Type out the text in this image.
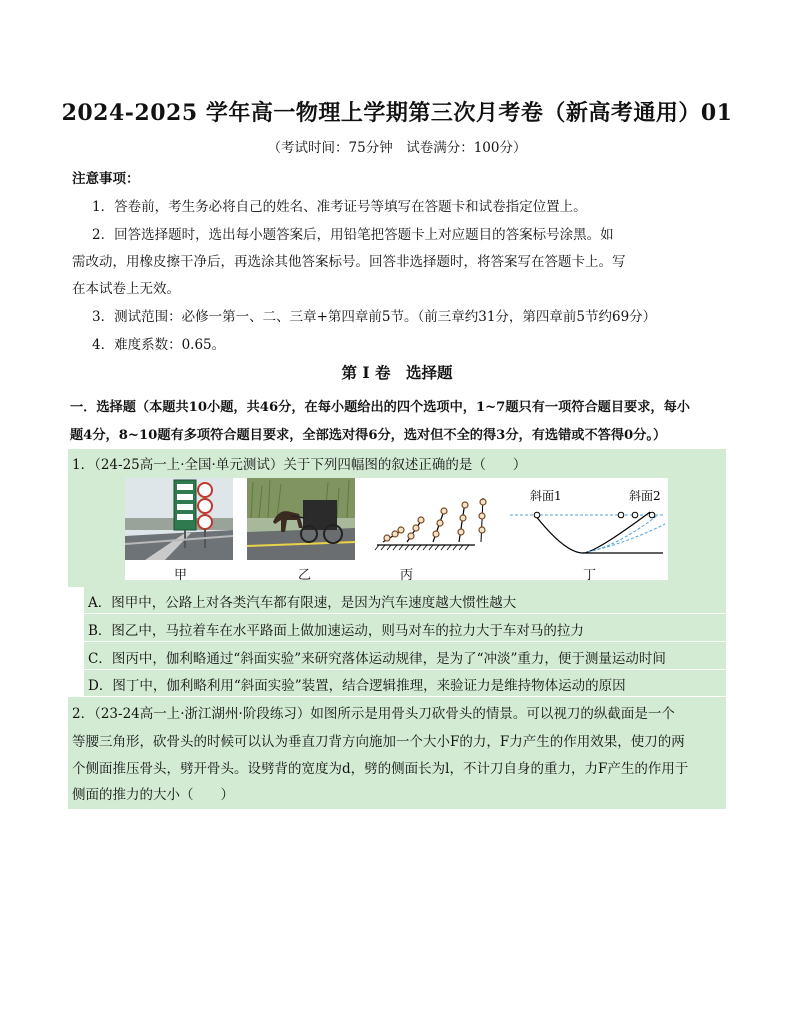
2024-2025 学年高一物理上学期第三次月考卷（新高考通用）01
（考试时间：75分钟　试卷满分：100分）
注意事项：
1．答卷前，考生务必将自己的姓名、准考证号等填写在答题卡和试卷指定位置上。
2．回答选择题时，选出每小题答案后，用铅笔把答题卡上对应题目的答案标号涂黑。如
需改动，用橡皮擦干净后，再选涂其他答案标号。回答非选择题时，将答案写在答题卡上。写
在本试卷上无效。
3．测试范围：必修一第一、二、三章+第四章前5节。（前三章约31分，第四章前5节约69分）
4．难度系数：0.65。
第 I 卷　选择题
一．选择题（本题共10小题，共46分，在每小题给出的四个选项中，1~7题只有一项符合题目要求，每小
题4分，8~10题有多项符合题目要求，全部选对得6分，选对但不全的得3分，有选错或不答得0分。）
1．（24-25高一上·全国·单元测试）关于下列四幅图的叙述正确的是（　　）
斜面1	斜面2
甲	乙	丙	丁
A．图甲中，公路上对各类汽车都有限速，是因为汽车速度越大惯性越大
B．图乙中，马拉着车在水平路面上做加速运动，则马对车的拉力大于车对马的拉力
C．图丙中，伽利略通过“斜面实验”来研究落体运动规律，是为了“冲淡”重力，便于测量运动时间
D．图丁中，伽利略利用“斜面实验”装置，结合逻辑推理，来验证力是维持物体运动的原因
2．（23-24高一上·浙江湖州·阶段练习）如图所示是用骨头刀砍骨头的情景。可以视刀的纵截面是一个
等腰三角形，砍骨头的时候可以认为垂直刀背方向施加一个大小F的力，F力产生的作用效果，使刀的两
个侧面推压骨头，劈开骨头。设劈背的宽度为d，劈的侧面长为l，不计刀自身的重力，力F产生的作用于
侧面的推力的大小（　　）
